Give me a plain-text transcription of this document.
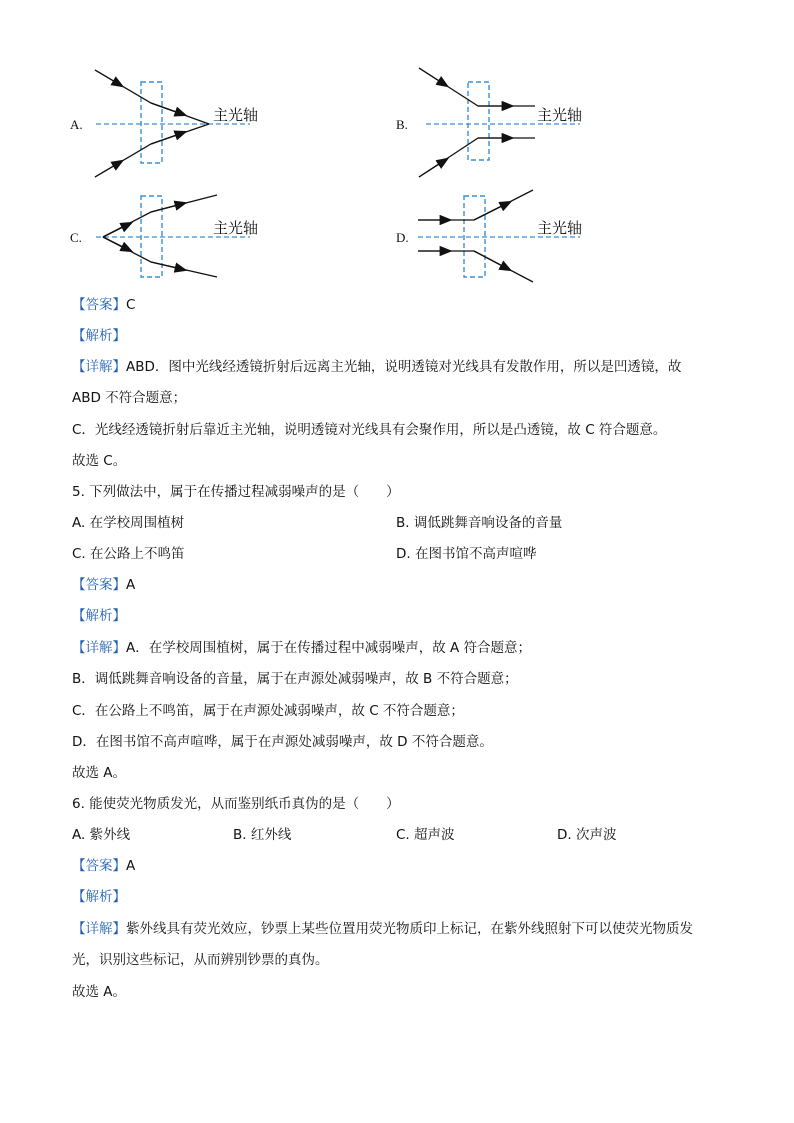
A.
主光轴
B.
主光轴
C.
主光轴
D.
主光轴
【答案】C
【解析】
【详解】ABD．图中光线经透镜折射后远离主光轴，说明透镜对光线具有发散作用，所以是凹透镜，故
ABD 不符合题意；
C．光线经透镜折射后靠近主光轴，说明透镜对光线具有会聚作用，所以是凸透镜，故 C 符合题意。
故选 C。
5. 下列做法中，属于在传播过程减弱噪声的是（　　）
A. 在学校周围植树	B. 调低跳舞音响设备的音量
C. 在公路上不鸣笛	D. 在图书馆不高声喧哗
【答案】A
【解析】
【详解】A．在学校周围植树，属于在传播过程中减弱噪声，故 A 符合题意；
B．调低跳舞音响设备的音量，属于在声源处减弱噪声，故 B 不符合题意；
C．在公路上不鸣笛，属于在声源处减弱噪声，故 C 不符合题意；
D．在图书馆不高声喧哗，属于在声源处减弱噪声，故 D 不符合题意。
故选 A。
6. 能使荧光物质发光，从而鉴别纸币真伪的是（　　）
A. 紫外线	B. 红外线	C. 超声波	D. 次声波
【答案】A
【解析】
【详解】紫外线具有荧光效应，钞票上某些位置用荧光物质印上标记，在紫外线照射下可以使荧光物质发
光，识别这些标记，从而辨别钞票的真伪。
故选 A。
